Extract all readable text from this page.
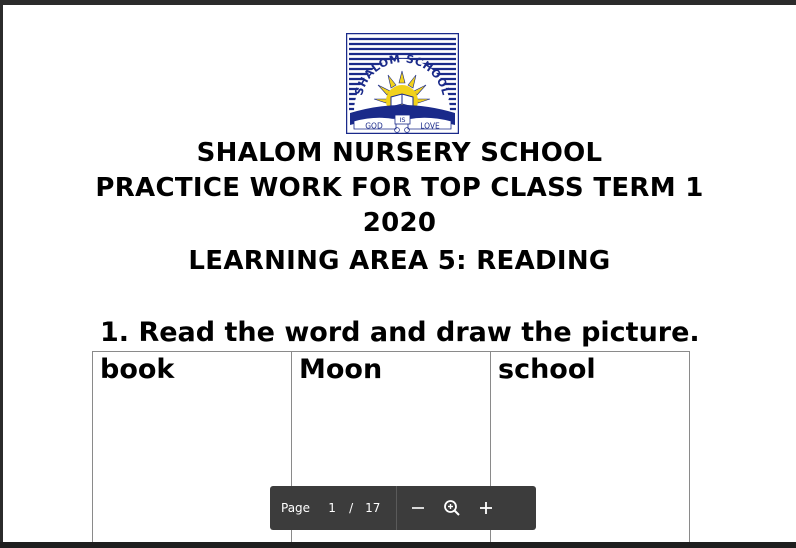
IS
GOD	LOVE
SHALOM SCHOOL
SHALOM NURSERY SCHOOL
PRACTICE WORK FOR TOP CLASS TERM 1
2020
LEARNING AREA 5: READING
1. Read the word and draw the picture.
book	Moon	school
Page 1 / 17
